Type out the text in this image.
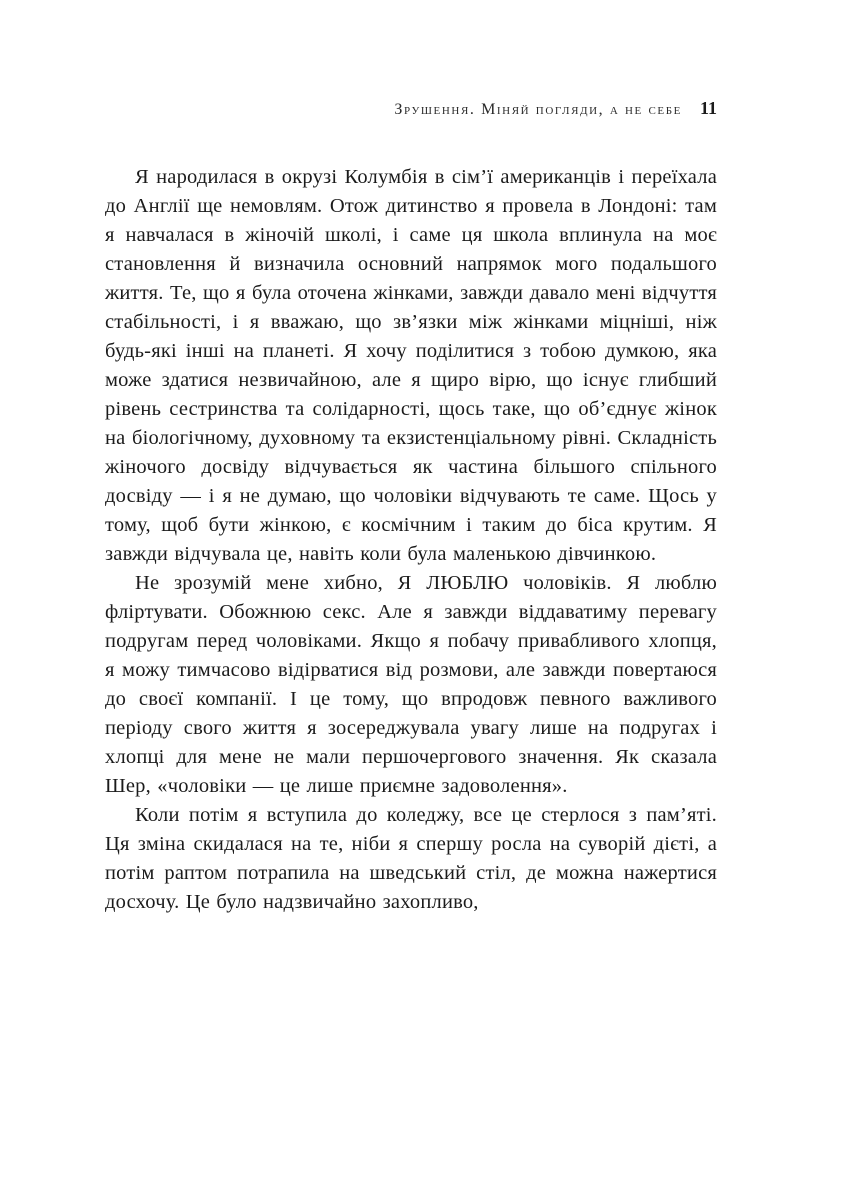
Зрушення. Міняй погляди, а не себе 11

Я народилася в окрузі Колумбія в сім’ї американців і переїхала до Англії ще немовлям. Отож дитинство я провела в Лондоні: там я навчалася в жіночій школі, і саме ця школа вплинула на моє становлення й визначила основний напрямок мого подальшого життя. Те, що я була оточена жінками, завжди давало мені відчуття стабільності, і я вважаю, що зв’язки між жінками міцніші, ніж будь-які інші на планеті. Я хочу поділитися з тобою думкою, яка може здатися незвичайною, але я щиро вірю, що існує глибший рівень сестринства та солідарності, щось таке, що об’єднує жінок на біологічному, духовному та екзистенціальному рівні. Складність жіночого досвіду відчувається як частина більшого спільного досвіду — і я не думаю, що чоловіки відчувають те саме. Щось у тому, щоб бути жінкою, є космічним і таким до біса крутим. Я завжди відчувала це, навіть коли була маленькою дівчинкою.

Не зрозумій мене хибно, Я ЛЮБЛЮ чоловіків. Я люблю фліртувати. Обожнюю секс. Але я завжди віддаватиму перевагу подругам перед чоловіками. Якщо я побачу привабливого хлопця, я можу тимчасово відірватися від розмови, але завжди повертаюся до своєї компанії. І це тому, що впродовж певного важливого періоду свого життя я зосереджувала увагу лише на подругах і хлопці для мене не мали першочергового значення. Як сказала Шер, «чоловіки — це лише приємне задоволення».

Коли потім я вступила до коледжу, все це стерлося з пам’яті. Ця зміна скидалася на те, ніби я спершу росла на суворій дієті, а потім раптом потрапила на шведський стіл, де можна нажертися досхочу. Це було надзвичайно захопливо,
